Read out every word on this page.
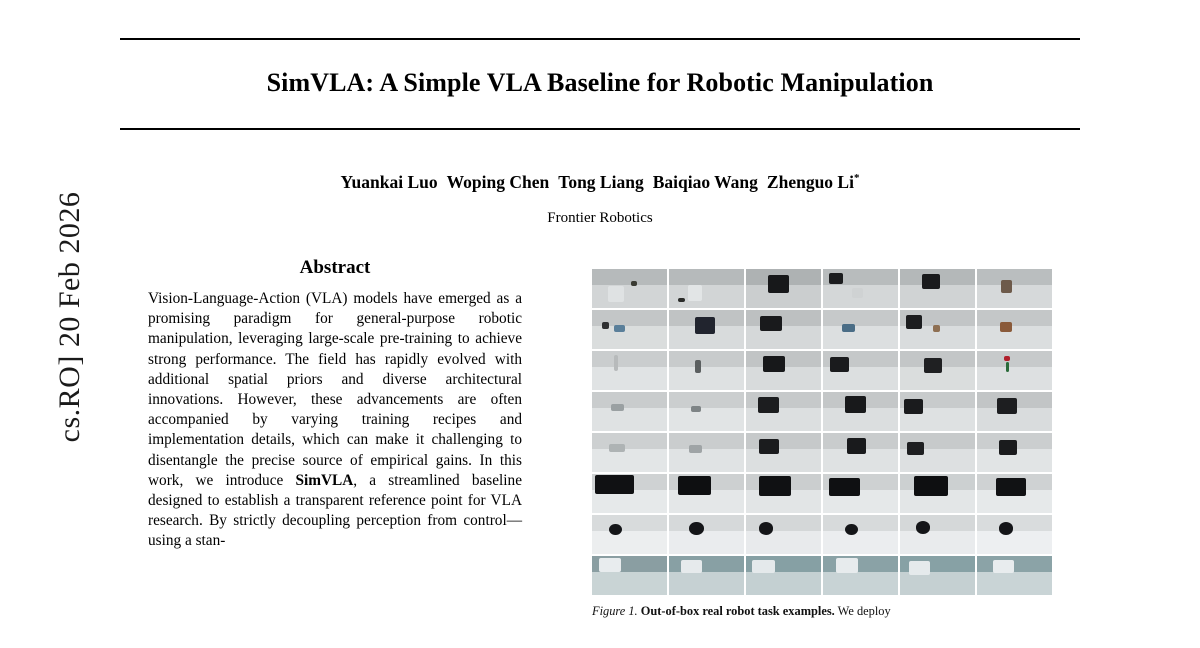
cs.RO] 20 Feb 2026
SimVLA: A Simple VLA Baseline for Robotic Manipulation
Yuankai Luo Woping Chen Tong Liang Baiqiao Wang Zhenguo Li*
Frontier Robotics
Abstract
Vision-Language-Action (VLA) models have emerged as a promising paradigm for general-purpose robotic manipulation, leveraging large-scale pre-training to achieve strong performance. The field has rapidly evolved with additional spatial priors and diverse architectural innovations. However, these advancements are often accompanied by varying training recipes and implementation details, which can make it challenging to disentangle the precise source of empirical gains. In this work, we introduce SimVLA, a streamlined baseline designed to establish a transparent reference point for VLA research. By strictly decoupling perception from control—using a stan-
Figure 1. Out-of-box real robot task examples. We deploy
